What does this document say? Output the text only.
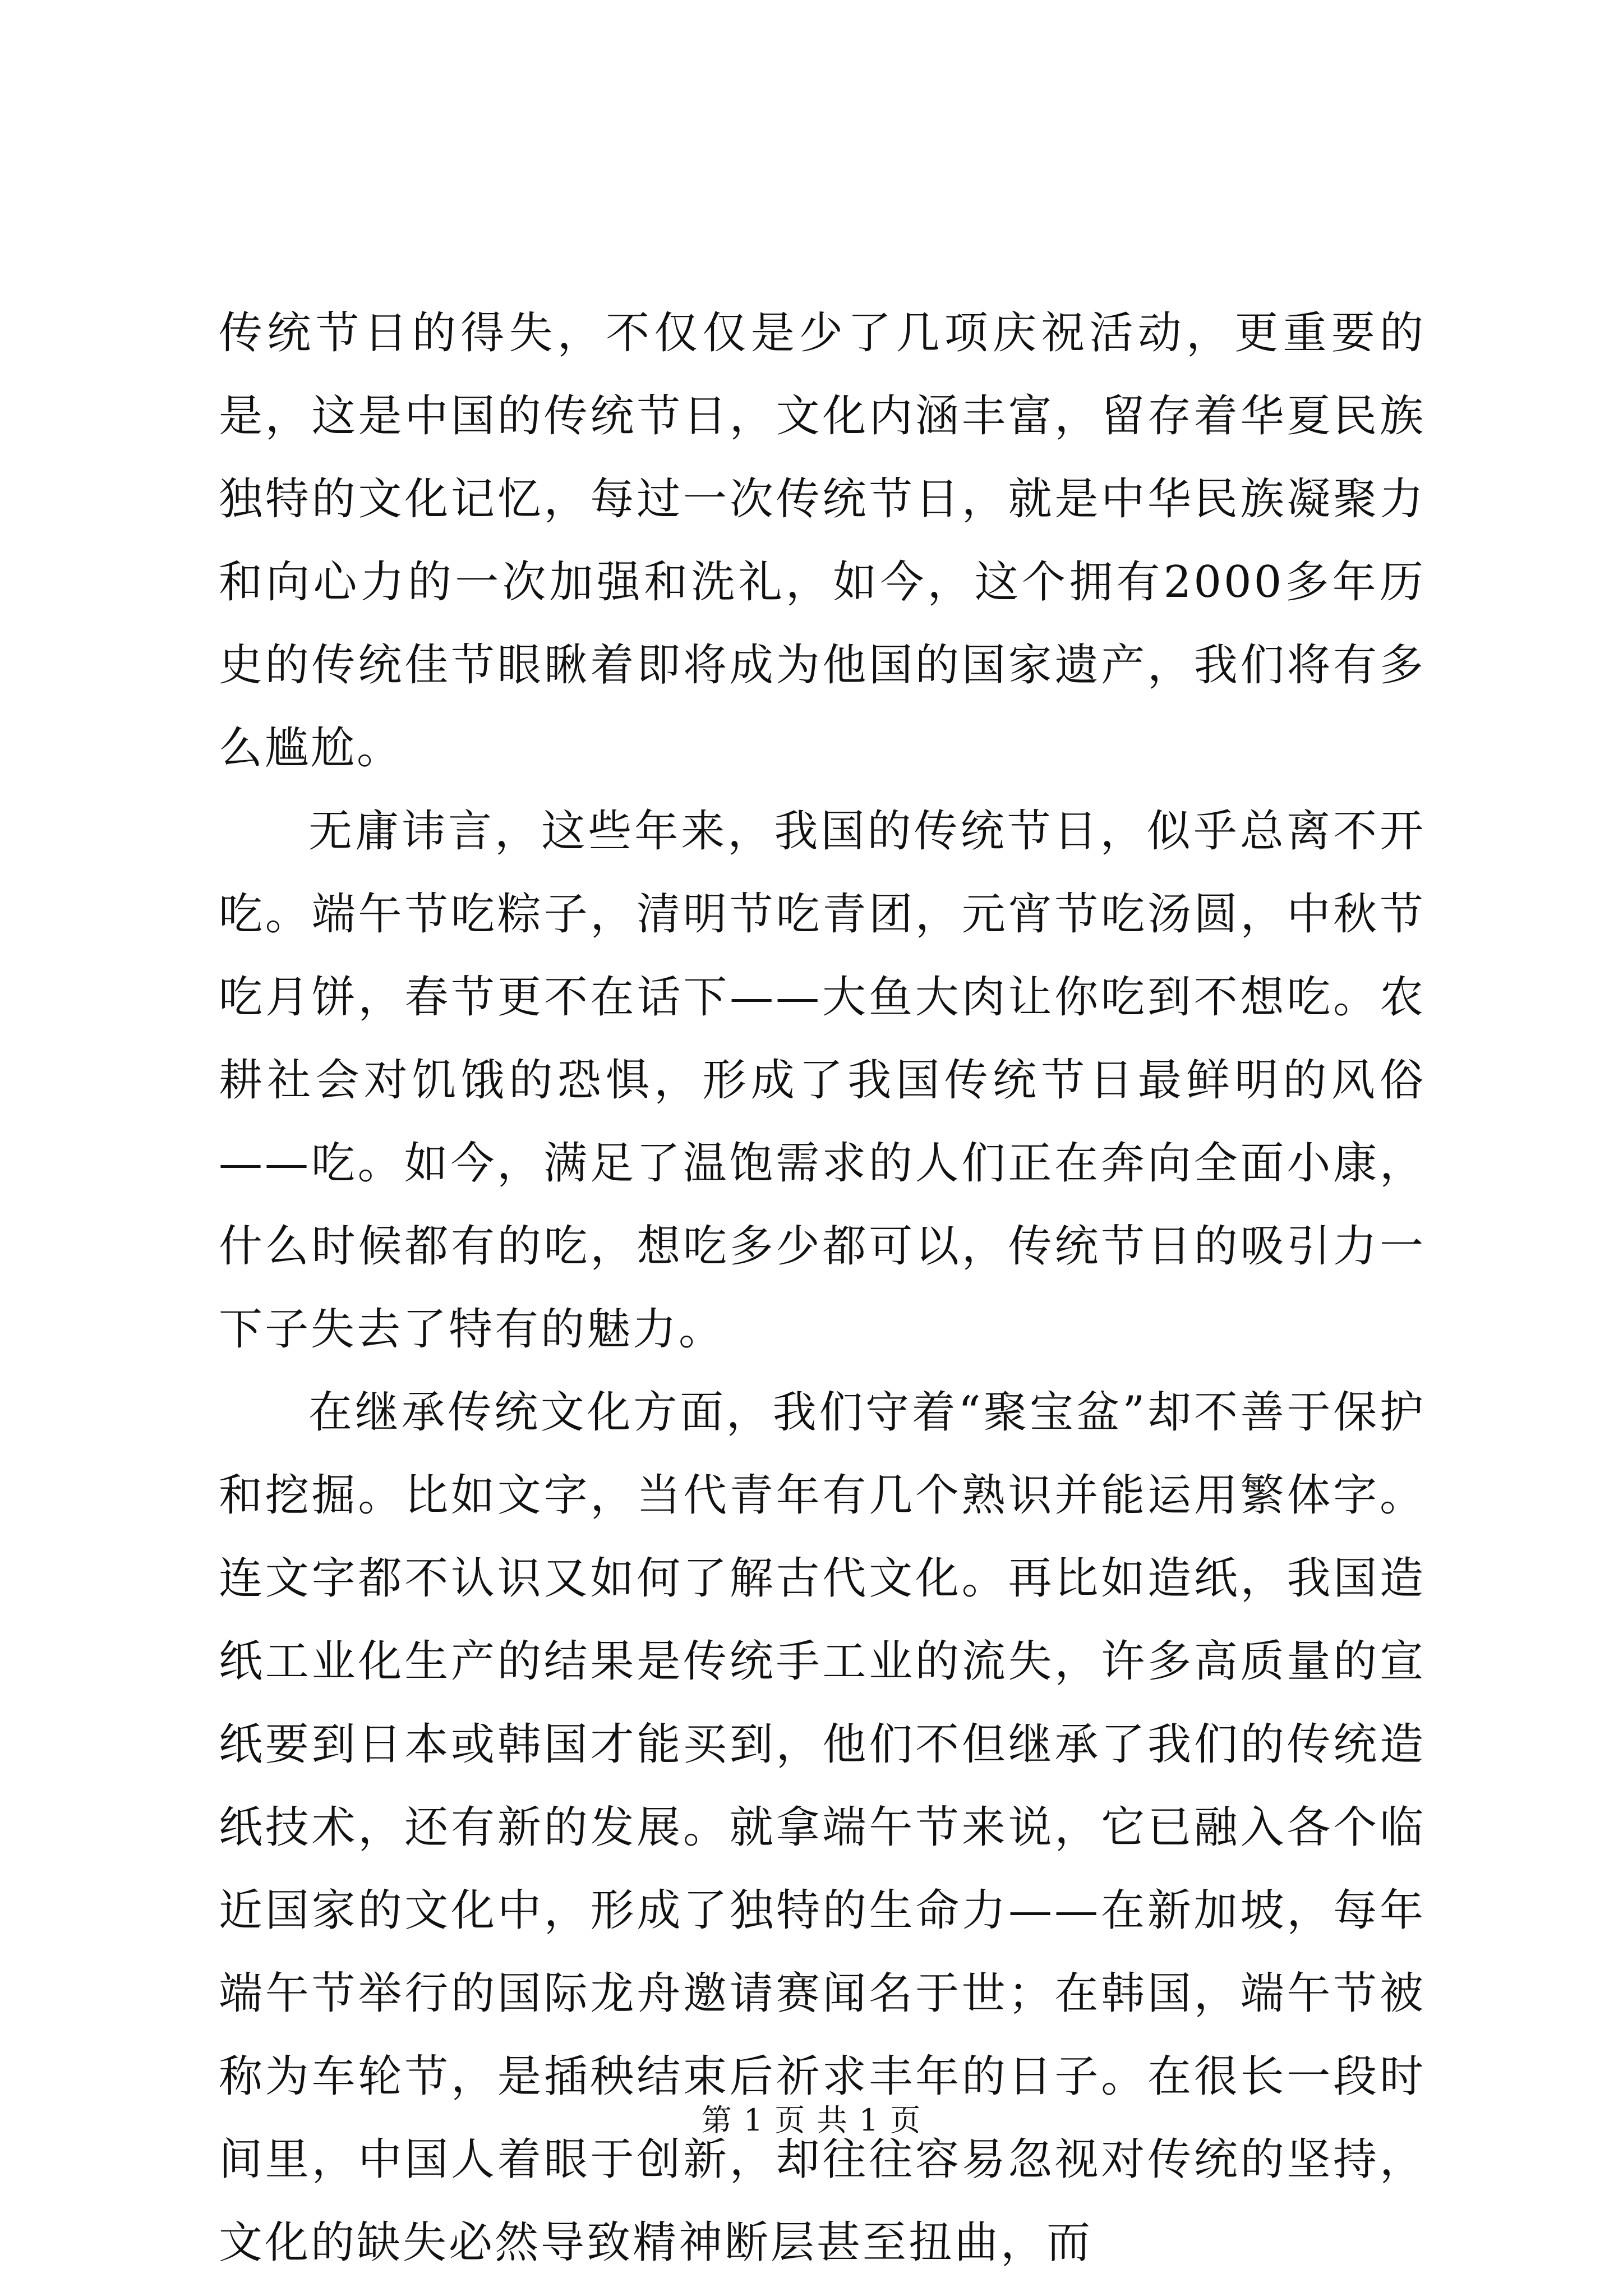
传统节日的得失，不仅仅是少了几项庆祝活动，更重要的是，这是中国的传统节日，文化内涵丰富，留存着华夏民族独特的文化记忆，每过一次传统节日，就是中华民族凝聚力和向心力的一次加强和洗礼，如今，这个拥有2000多年历史的传统佳节眼瞅着即将成为他国的国家遗产，我们将有多么尴尬。

无庸讳言，这些年来，我国的传统节日，似乎总离不开吃。端午节吃粽子，清明节吃青团，元宵节吃汤圆，中秋节吃月饼，春节更不在话下——大鱼大肉让你吃到不想吃。农耕社会对饥饿的恐惧，形成了我国传统节日最鲜明的风俗——吃。如今，满足了温饱需求的人们正在奔向全面小康，什么时候都有的吃，想吃多少都可以，传统节日的吸引力一下子失去了特有的魅力。

在继承传统文化方面，我们守着“聚宝盆”却不善于保护和挖掘。比如文字，当代青年有几个熟识并能运用繁体字。连文字都不认识又如何了解古代文化。再比如造纸，我国造纸工业化生产的结果是传统手工业的流失，许多高质量的宣纸要到日本或韩国才能买到，他们不但继承了我们的传统造纸技术，还有新的发展。就拿端午节来说，它已融入各个临近国家的文化中，形成了独特的生命力——在新加坡，每年端午节举行的国际龙舟邀请赛闻名于世；在韩国，端午节被称为车轮节，是插秧结束后祈求丰年的日子。在很长一段时间里，中国人着眼于创新，却往往容易忽视对传统的坚持，文化的缺失必然导致精神断层甚至扭曲，而

第 1 页 共 1 页
